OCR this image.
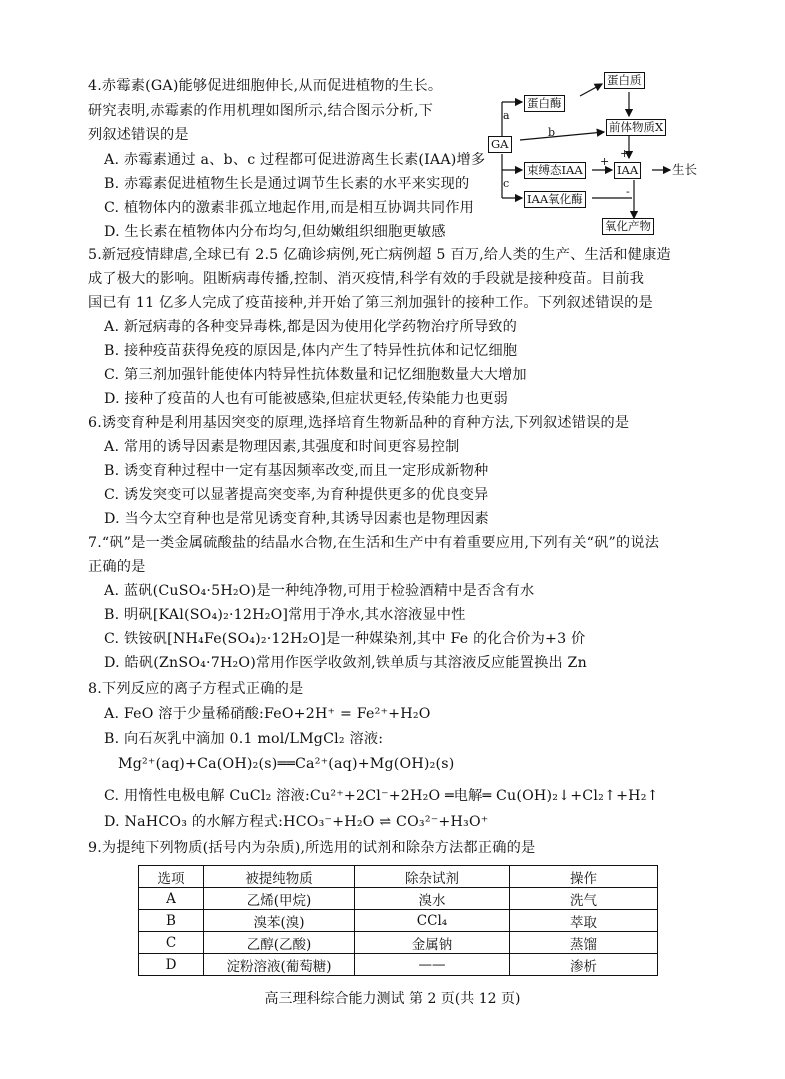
4.赤霉素(GA)能够促进细胞伸长,从而促进植物的生长。
研究表明,赤霉素的作用机理如图所示,结合图示分析,下
列叙述错误的是
A. 赤霉素通过 a、b、c 过程都可促进游离生长素(IAA)增多
B. 赤霉素促进植物生长是通过调节生长素的水平来实现的
C. 植物体内的激素非孤立地起作用,而是相互协调共同作用
D. 生长素在植物体内分布均匀,但幼嫩组织细胞更敏感
GA
蛋白质
蛋白酶
前体物质X
束缚态IAA	IAA
IAA氧化酶
氧化产物
生长
a
b
c
+
+
-
5.新冠疫情肆虐,全球已有 2.5 亿确诊病例,死亡病例超 5 百万,给人类的生产、生活和健康造
成了极大的影响。阻断病毒传播,控制、消灭疫情,科学有效的手段就是接种疫苗。目前我
国已有 11 亿多人完成了疫苗接种,并开始了第三剂加强针的接种工作。下列叙述错误的是
A. 新冠病毒的各种变异毒株,都是因为使用化学药物治疗所导致的
B. 接种疫苗获得免疫的原因是,体内产生了特异性抗体和记忆细胞
C. 第三剂加强针能使体内特异性抗体数量和记忆细胞数量大大增加
D. 接种了疫苗的人也有可能被感染,但症状更轻,传染能力也更弱
6.诱变育种是利用基因突变的原理,选择培育生物新品种的育种方法,下列叙述错误的是
A. 常用的诱导因素是物理因素,其强度和时间更容易控制
B. 诱变育种过程中一定有基因频率改变,而且一定形成新物种
C. 诱发突变可以显著提高突变率,为育种提供更多的优良变异
D. 当今太空育种也是常见诱变育种,其诱导因素也是物理因素
7.“矾”是一类金属硫酸盐的结晶水合物,在生活和生产中有着重要应用,下列有关“矾”的说法
正确的是
A. 蓝矾(CuSO₄·5H₂O)是一种纯净物,可用于检验酒精中是否含有水
B. 明矾[KAl(SO₄)₂·12H₂O]常用于净水,其水溶液显中性
C. 铁铵矾[NH₄Fe(SO₄)₂·12H₂O]是一种媒染剂,其中 Fe 的化合价为+3 价
D. 皓矾(ZnSO₄·7H₂O)常用作医学收敛剂,铁单质与其溶液反应能置换出 Zn
8.下列反应的离子方程式正确的是
A. FeO 溶于少量稀硝酸:FeO+2H⁺ = Fe²⁺+H₂O
B. 向石灰乳中滴加 0.1 mol/LMgCl₂ 溶液:
Mg²⁺(aq)+Ca(OH)₂(s)══Ca²⁺(aq)+Mg(OH)₂(s)
C. 用惰性电极电解 CuCl₂ 溶液:Cu²⁺+2Cl⁻+2H₂O ═电解═ Cu(OH)₂↓+Cl₂↑+H₂↑
D. NaHCO₃ 的水解方程式:HCO₃⁻+H₂O ⇌ CO₃²⁻+H₃O⁺
9.为提纯下列物质(括号内为杂质),所选用的试剂和除杂方法都正确的是
选项	被提纯物质	除杂试剂	操作
A	乙烯(甲烷)	溴水	洗气
B	溴苯(溴)	CCl₄	萃取
C	乙醇(乙酸)	金属钠	蒸馏
D	淀粉溶液(葡萄糖)	——	渗析
高三理科综合能力测试 第 2 页(共 12 页)
